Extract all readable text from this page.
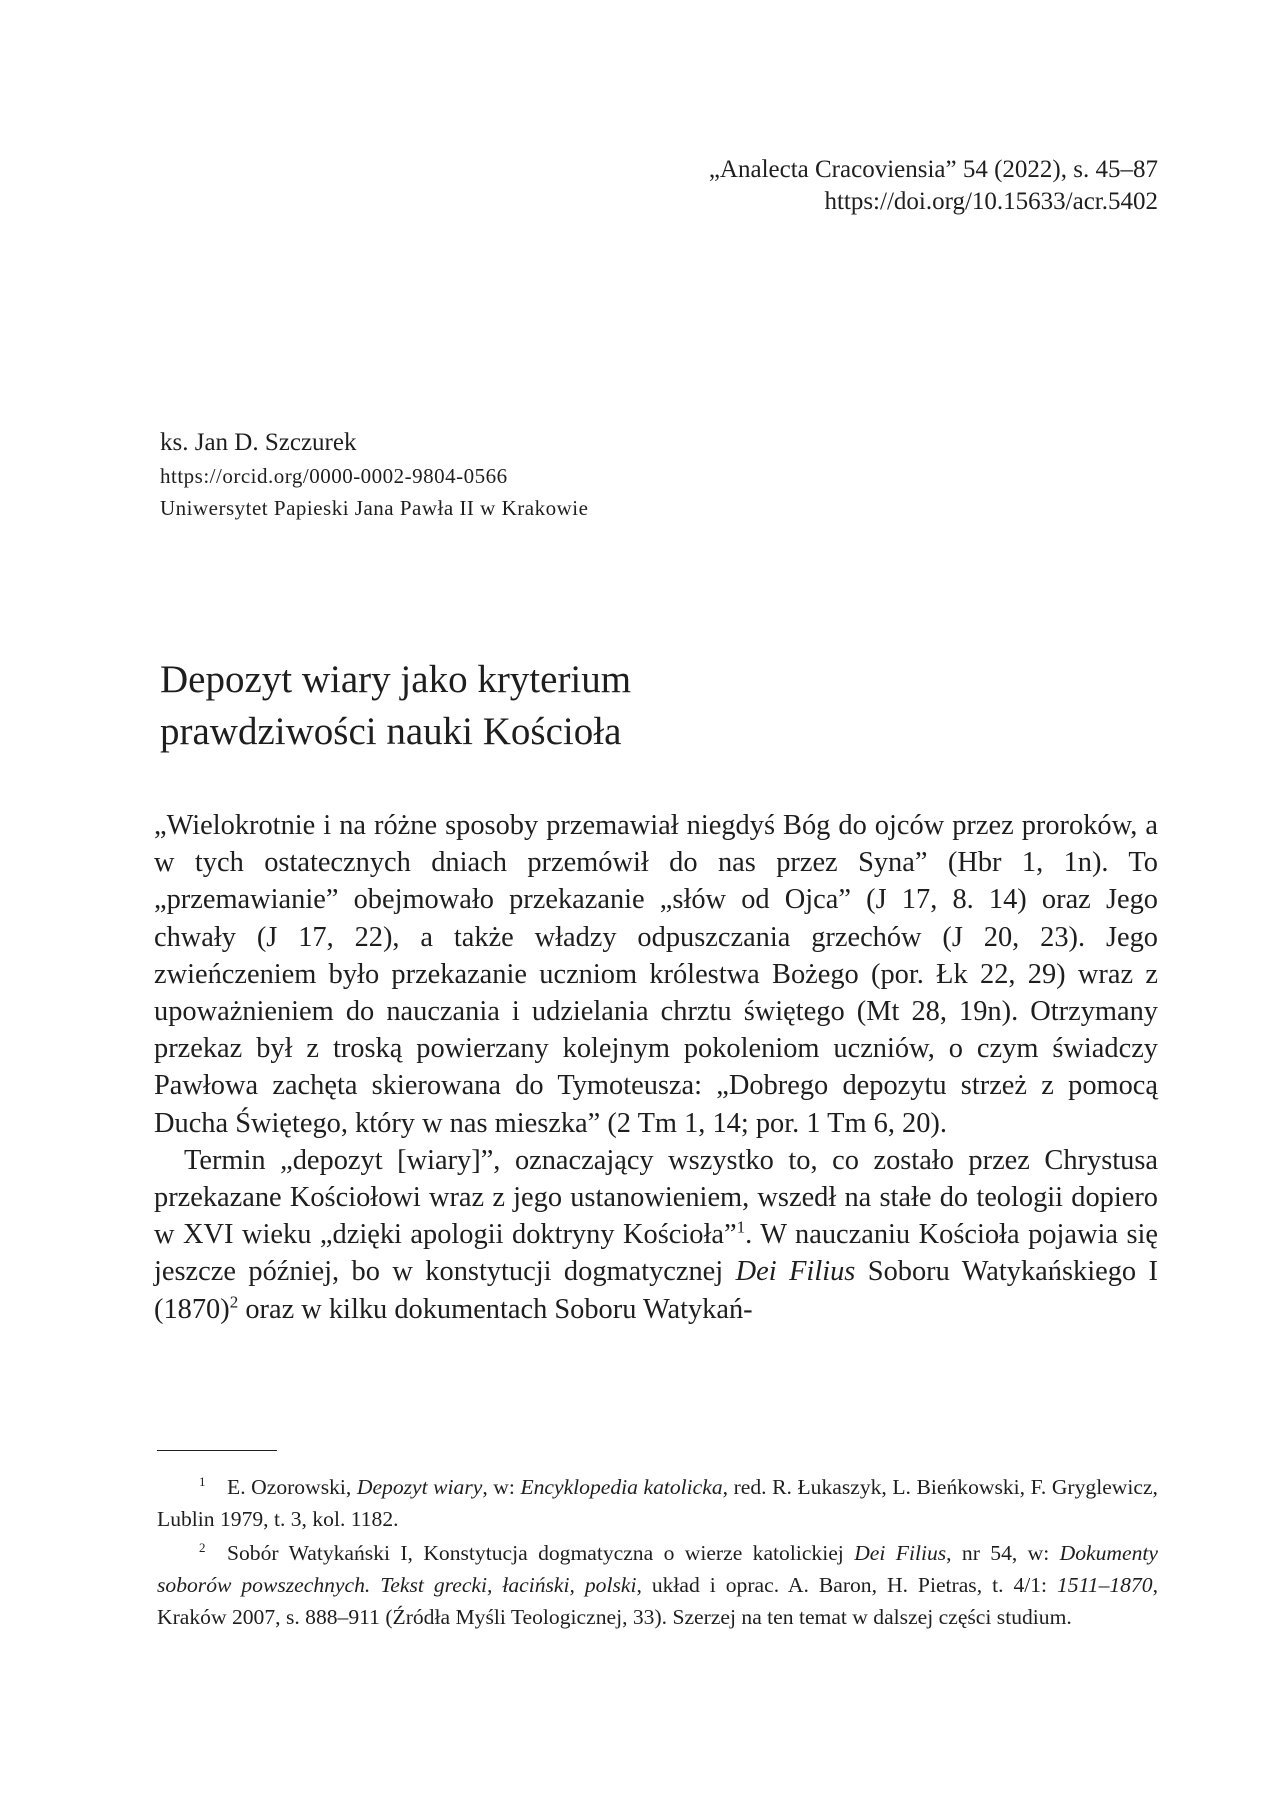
„Analecta Cracoviensia” 54 (2022), s. 45–87
https://doi.org/10.15633/acr.5402
ks. Jan D. Szczurek
https://orcid.org/0000-0002-9804-0566
Uniwersytet Papieski Jana Pawła II w Krakowie
Depozyt wiary jako kryterium
prawdziwości nauki Kościoła

„Wielokrotnie i na różne sposoby przemawiał niegdyś Bóg do ojców przez proroków, a w tych ostatecznych dniach przemówił do nas przez Syna” (Hbr 1, 1n). To „przemawianie” obejmowało przekazanie „słów od Ojca” (J 17, 8. 14) oraz Jego chwały (J 17, 22), a także władzy odpuszczania grzechów (J 20, 23). Jego zwieńczeniem było przekazanie uczniom królestwa Bożego (por. Łk 22, 29) wraz z upoważnieniem do nauczania i udzielania chrztu świętego (Mt 28, 19n). Otrzymany przekaz był z troską powierzany kolejnym pokoleniom uczniów, o czym świadczy Pawłowa zachęta skierowana do Tymoteusza: „Dobrego depozytu strzeż z pomocą Ducha Świętego, który w nas mieszka” (2 Tm 1, 14; por. 1 Tm 6, 20).

Termin „depozyt [wiary]”, oznaczający wszystko to, co zostało przez Chrystusa przekazane Kościołowi wraz z jego ustanowieniem, wszedł na stałe do teologii dopiero w XVI wieku „dzięki apologii doktryny Kościoła”$^1$. W nauczaniu Kościoła pojawia się jeszcze później, bo w konstytucji dogmatycznej Dei Filius Soboru Watykańskiego I $(1870)^2$ oraz w kilku dokumentach Soboru Watykań-

1 E. Ozorowski, Depozyt wiary, w: Encyklopedia katolicka, red. R. Łukaszyk, L. Bieńkowski, F. Gryglewicz, Lublin 1979, t. 3, kol. 1182.

2 Sobór Watykański I, Konstytucja dogmatyczna o wierze katolickiej Dei Filius, nr 54, w: Dokumenty soborów powszechnych. Tekst grecki, łaciński, polski, układ i oprac. A. Baron, H. Pietras, t. 4/1: 1511–1870, Kraków 2007, s. 888–911 (Źródła Myśli Teologicznej, 33). Szerzej na ten temat w dalszej części studium.
